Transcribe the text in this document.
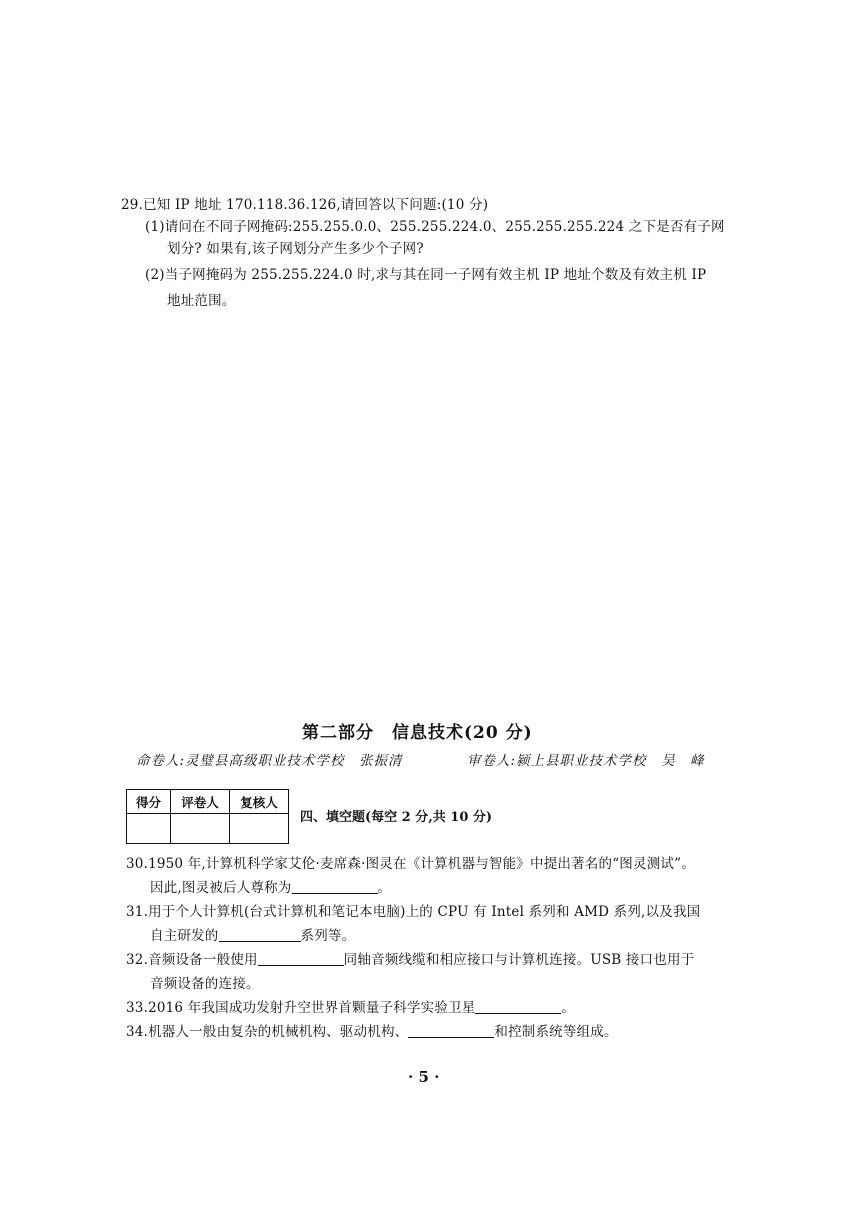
29.已知 IP 地址 170.118.36.126,请回答以下问题:(10 分)
(1)请问在不同子网掩码:255.255.0.0、255.255.224.0、255.255.255.224 之下是否有子网
划分? 如果有,该子网划分产生多少个子网?
(2)当子网掩码为 255.255.224.0 时,求与其在同一子网有效主机 IP 地址个数及有效主机 IP
地址范围。
第二部分　信息技术(20 分)
命卷人:灵璧县高级职业技术学校　张振清	审卷人:颍上县职业技术学校　吴　峰
得分	评卷人	复核人

四、填空题(每空 2 分,共 10 分)
30.1950 年,计算机科学家艾伦·麦席森·图灵在《计算机器与智能》中提出著名的“图灵测试”。
因此,图灵被后人尊称为	。
31.用于个人计算机(台式计算机和笔记本电脑)上的 CPU 有 Intel 系列和 AMD 系列,以及我国
自主研发的	系列等。
32.音频设备一般使用	同轴音频线缆和相应接口与计算机连接。USB 接口也用于
音频设备的连接。
33.2016 年我国成功发射升空世界首颗量子科学实验卫星	。
34.机器人一般由复杂的机械机构、驱动机构、	和控制系统等组成。
· 5 ·
